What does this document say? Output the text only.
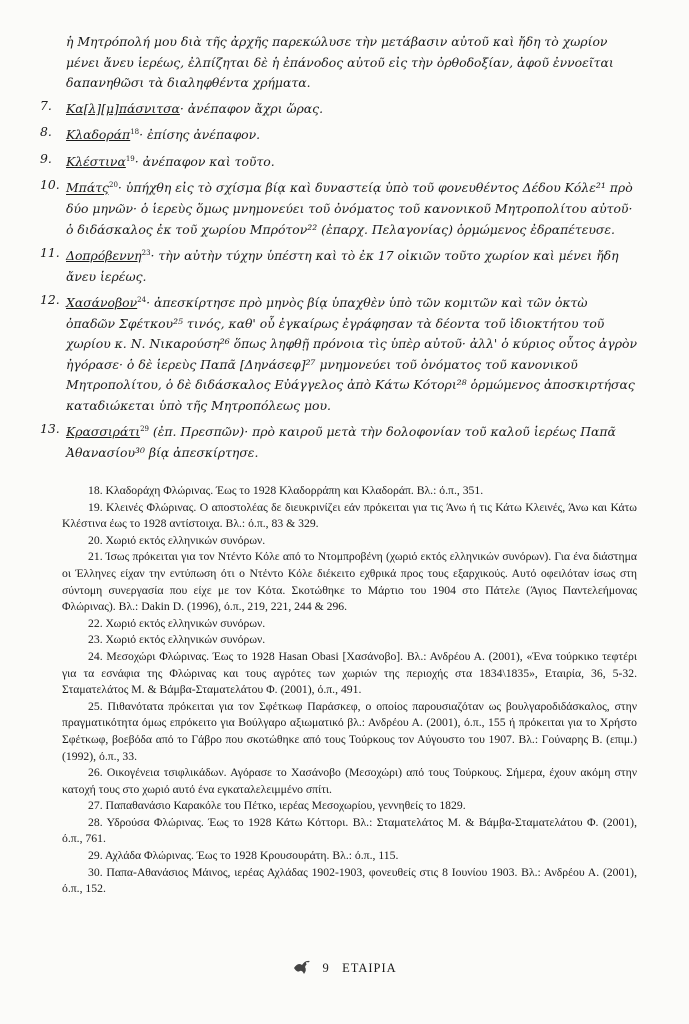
ἡ Μητρόπολή μου διὰ τῆς ἀρχῆς παρεκώλυσε τὴν μετάβασιν αὐτοῦ καὶ ἤδη τὸ χωρίον μένει ἄνευ ἱερέως, ἐλπίζηται δὲ ἡ ἐπάνοδος αὐτοῦ εἰς τὴν ὀρθοδοξίαν, ἀφοῦ ἐννοεῖται δαπανηθῶσι τὰ διαληφθέντα χρήματα.

7.	Κα[λ][μ]πάσνιτσα· ἀνέπαφον ἄχρι ὥρας.
8.	Κλαδοράπ$^{18}$· ἐπίσης ἀνέπαφον.
9.	Κλέστινα$^{19}$· ἀνέπαφον καὶ τοῦτο.
10. Μπάτς$^{20}$· ὑπήχθη εἰς τὸ σχίσμα βίᾳ καὶ δυναστείᾳ ὑπὸ τοῦ φονευθέντος Δέδου Κόλε²¹ πρὸ δύο μηνῶν· ὁ ἱερεὺς ὅμως μνημονεύει τοῦ ὀνόματος τοῦ κανονικοῦ Μητροπολίτου αὐτοῦ· ὁ διδάσκαλος ἐκ τοῦ χωρίου Μπρότον²² (ἐπαρχ. Πελαγονίας) ὁρμώμενος ἐδραπέτευσε.
11. Δοπρόβεννη$^{23}$· τὴν αὐτὴν τύχην ὑπέστη καὶ τὸ ἐκ 17 οἰκιῶν τοῦτο χωρίον καὶ μένει ἤδη ἄνευ ἱερέως.
12. Χασάνοβον$^{24}$· ἀπεσκίρτησε πρὸ μηνὸς βίᾳ ὑπαχθὲν ὑπὸ τῶν κομιτῶν καὶ τῶν ὀκτὼ ὀπαδῶν Σφέτκου²⁵ τινός, καθ' οὗ ἐγκαίρως ἐγράφησαν τὰ δέοντα τοῦ ἰδιοκτήτου τοῦ χωρίου κ. Ν. Νικαρούση²⁶ ὅπως ληφθῇ πρόνοια τὶς ὑπὲρ αὐτοῦ· ἀλλ' ὁ κύριος οὗτος ἀγρὸν ἠγόρασε· ὁ δὲ ἱερεὺς Παπᾶ [Δηνάσεφ]²⁷ μνημονεύει τοῦ ὀνόματος τοῦ κανονικοῦ Μητροπολίτου, ὁ δὲ διδάσκαλος Εὐάγγελος ἀπὸ Κάτω Κότορι²⁸ ὁρμώμενος ἀποσκιρτήσας καταδιώκεται ὑπὸ τῆς Μητροπόλεως μου.
13. Κρασσιράτι$^{29}$ (ἐπ. Πρεσπῶν)· πρὸ καιροῦ μετὰ τὴν δολοφονίαν τοῦ καλοῦ ἱερέως Παπᾶ Ἀθανασίου³⁰ βίᾳ ἀπεσκίρτησε.

18. Κλαδοράχη Φλώρινας. Έως το 1928 Κλαδορράπη και Κλαδοράπ. Βλ.: ό.π., 351.

19. Κλεινές Φλώρινας. Ο αποστολέας δε διευκρινίζει εάν πρόκειται για τις Άνω ή τις Κάτω Κλεινές, Άνω και Κάτω Κλέστινα έως το 1928 αντίστοιχα. Βλ.: ό.π., 83 & 329.

20. Χωριό εκτός ελληνικών συνόρων.

21. Ίσως πρόκειται για τον Ντέντο Κόλε από το Ντομπροβένη (χωριό εκτός ελληνικών συνόρων). Για ένα διάστημα οι Έλληνες είχαν την εντύπωση ότι ο Ντέντο Κόλε διέκειτο εχθρικά προς τους εξαρχικούς. Αυτό οφειλόταν ίσως στη σύντομη συνεργασία που είχε με τον Κότα. Σκοτώθηκε το Μάρτιο του 1904 στο Πάτελε (Άγιος Παντελεήμονας Φλώρινας). Βλ.: Dakin D. (1996), ό.π., 219, 221, 244 & 296.

22. Χωριό εκτός ελληνικών συνόρων.

23. Χωριό εκτός ελληνικών συνόρων.

24. Μεσοχώρι Φλώρινας. Έως το 1928 Hasan Obasi [Χασάνοβο]. Βλ.: Ανδρέου Α. (2001), «Ένα τούρκικο τεφτέρι για τα εσνάφια της Φλώρινας και τους αγρότες των χωριών της περιοχής στα 1834\1835», Εταιρία, 36, 5-32. Σταματελάτος Μ. & Βάμβα-Σταματελάτου Φ. (2001), ό.π., 491.

25. Πιθανότατα πρόκειται για τον Σφέτκωφ Παράσκεφ, ο οποίος παρουσιαζόταν ως βουλγαροδιδάσκαλος, στην πραγματικότητα όμως επρόκειτο για Βούλγαρο αξιωματικό βλ.: Ανδρέου Α. (2001), ό.π., 155 ή πρόκειται για το Χρήστο Σφέτκωφ, βοεβόδα από το Γάβρο που σκοτώθηκε από τους Τούρκους τον Αύγουστο του 1907. Βλ.: Γούναρης Β. (επιμ.) (1992), ό.π., 33.

26. Οικογένεια τσιφλικάδων. Αγόρασε το Χασάνοβο (Μεσοχώρι) από τους Τούρκους. Σήμερα, έχουν ακόμη στην κατοχή τους στο χωριό αυτό ένα εγκαταλελειμμένο σπίτι.

27. Παπαθανάσιο Καρακόλε του Πέτκο, ιερέας Μεσοχωρίου, γεννηθείς το 1829.

28. Υδρούσα Φλώρινας. Έως το 1928 Κάτω Κόττορι. Βλ.: Σταματελάτος Μ. & Βάμβα-Σταματελάτου Φ. (2001), ό.π., 761.

29. Αχλάδα Φλώρινας. Έως το 1928 Κρουσουράτη. Βλ.: ό.π., 115.

30. Παπα-Αθανάσιος Μάινος, ιερέας Αχλάδας 1902-1903, φονευθείς στις 8 Ιουνίου 1903. Βλ.: Ανδρέου Α. (2001), ό.π., 152.

9 ΕΤΑΙΡΙΑ
